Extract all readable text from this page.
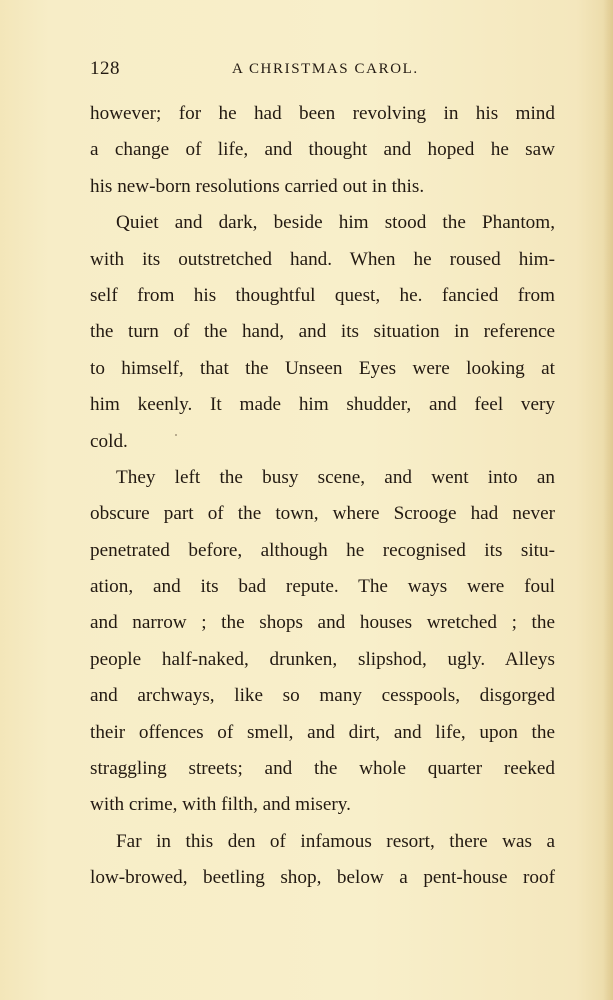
128	A CHRISTMAS CAROL.
however; for he had been revolving in his mind
a change of life, and thought and hoped he saw
his new-born resolutions carried out in this.
Quiet and dark, beside him stood the Phantom,
with its outstretched hand. When he roused him-
self from his thoughtful quest, he. fancied from
the turn of the hand, and its situation in reference
to himself, that the Unseen Eyes were looking at
him keenly. It made him shudder, and feel very
cold.
They left the busy scene, and went into an
obscure part of the town, where Scrooge had never
penetrated before, although he recognised its situ-
ation, and its bad repute. The ways were foul
and narrow ; the shops and houses wretched ; the
people half-naked, drunken, slipshod, ugly. Alleys
and archways, like so many cesspools, disgorged
their offences of smell, and dirt, and life, upon the
straggling streets; and the whole quarter reeked
with crime, with filth, and misery.
Far in this den of infamous resort, there was a
low-browed, beetling shop, below a pent-house roof
